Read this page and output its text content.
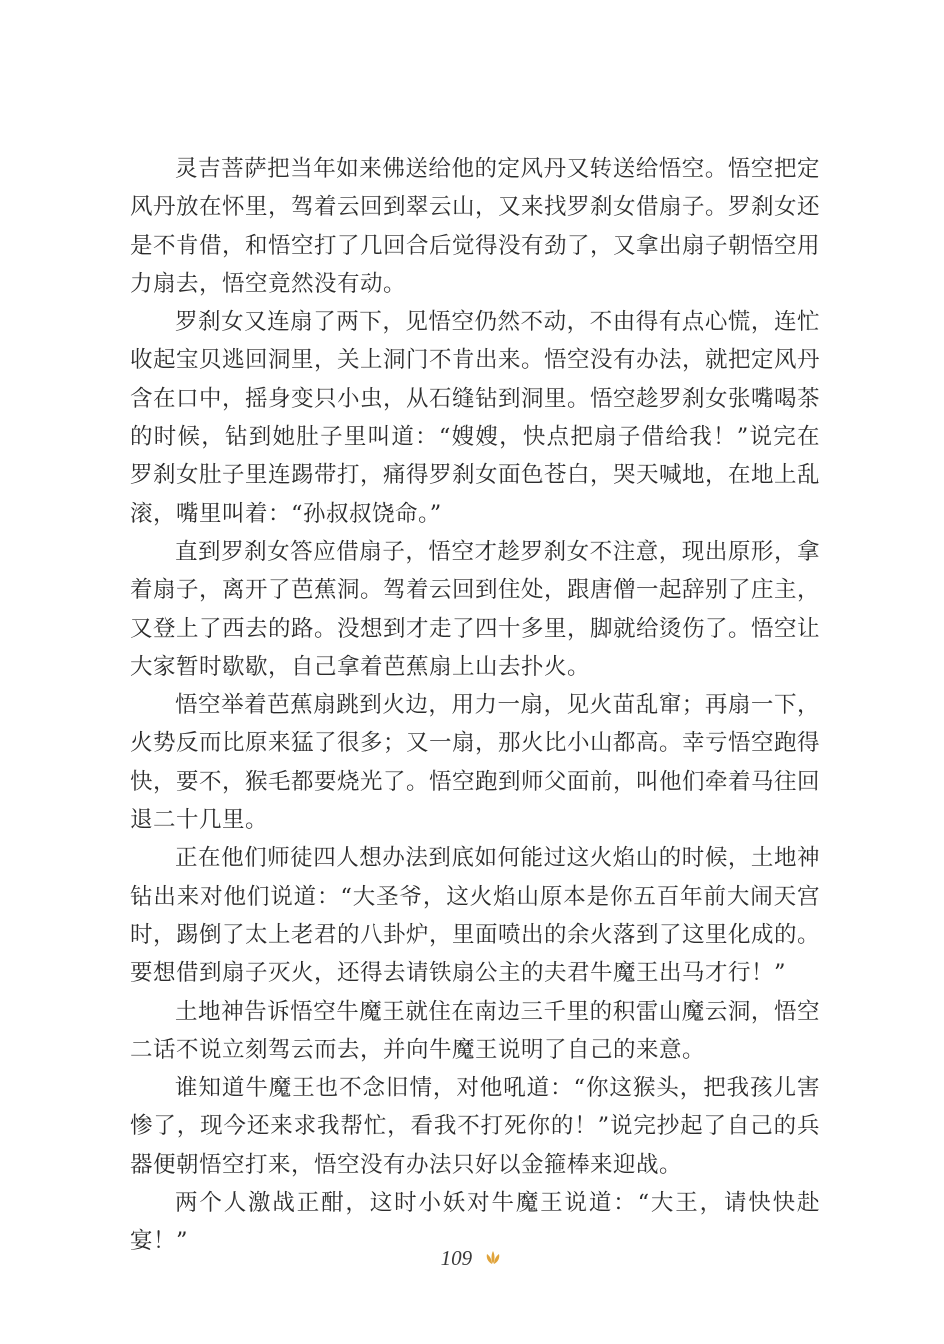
灵吉菩萨把当年如来佛送给他的定风丹又转送给悟空。悟空把定风丹放在怀里，驾着云回到翠云山，又来找罗刹女借扇子。罗刹女还是不肯借，和悟空打了几回合后觉得没有劲了，又拿出扇子朝悟空用力扇去，悟空竟然没有动。

罗刹女又连扇了两下，见悟空仍然不动，不由得有点心慌，连忙收起宝贝逃回洞里，关上洞门不肯出来。悟空没有办法，就把定风丹含在口中，摇身变只小虫，从石缝钻到洞里。悟空趁罗刹女张嘴喝茶的时候，钻到她肚子里叫道：“嫂嫂，快点把扇子借给我！”说完在罗刹女肚子里连踢带打，痛得罗刹女面色苍白，哭天喊地，在地上乱滚，嘴里叫着：“孙叔叔饶命。”

直到罗刹女答应借扇子，悟空才趁罗刹女不注意，现出原形，拿着扇子，离开了芭蕉洞。驾着云回到住处，跟唐僧一起辞别了庄主，又登上了西去的路。没想到才走了四十多里，脚就给烫伤了。悟空让大家暂时歇歇，自己拿着芭蕉扇上山去扑火。

悟空举着芭蕉扇跳到火边，用力一扇，见火苗乱窜；再扇一下，火势反而比原来猛了很多；又一扇，那火比小山都高。幸亏悟空跑得快，要不，猴毛都要烧光了。悟空跑到师父面前，叫他们牵着马往回退二十几里。

正在他们师徒四人想办法到底如何能过这火焰山的时候，土地神钻出来对他们说道：“大圣爷，这火焰山原本是你五百年前大闹天宫时，踢倒了太上老君的八卦炉，里面喷出的余火落到了这里化成的。要想借到扇子灭火，还得去请铁扇公主的夫君牛魔王出马才行！”

土地神告诉悟空牛魔王就住在南边三千里的积雷山魔云洞，悟空二话不说立刻驾云而去，并向牛魔王说明了自己的来意。

谁知道牛魔王也不念旧情，对他吼道：“你这猴头，把我孩儿害惨了，现今还来求我帮忙，看我不打死你的！”说完抄起了自己的兵器便朝悟空打来，悟空没有办法只好以金箍棒来迎战。

两个人激战正酣，这时小妖对牛魔王说道：“大王，请快快赴宴！”

109
